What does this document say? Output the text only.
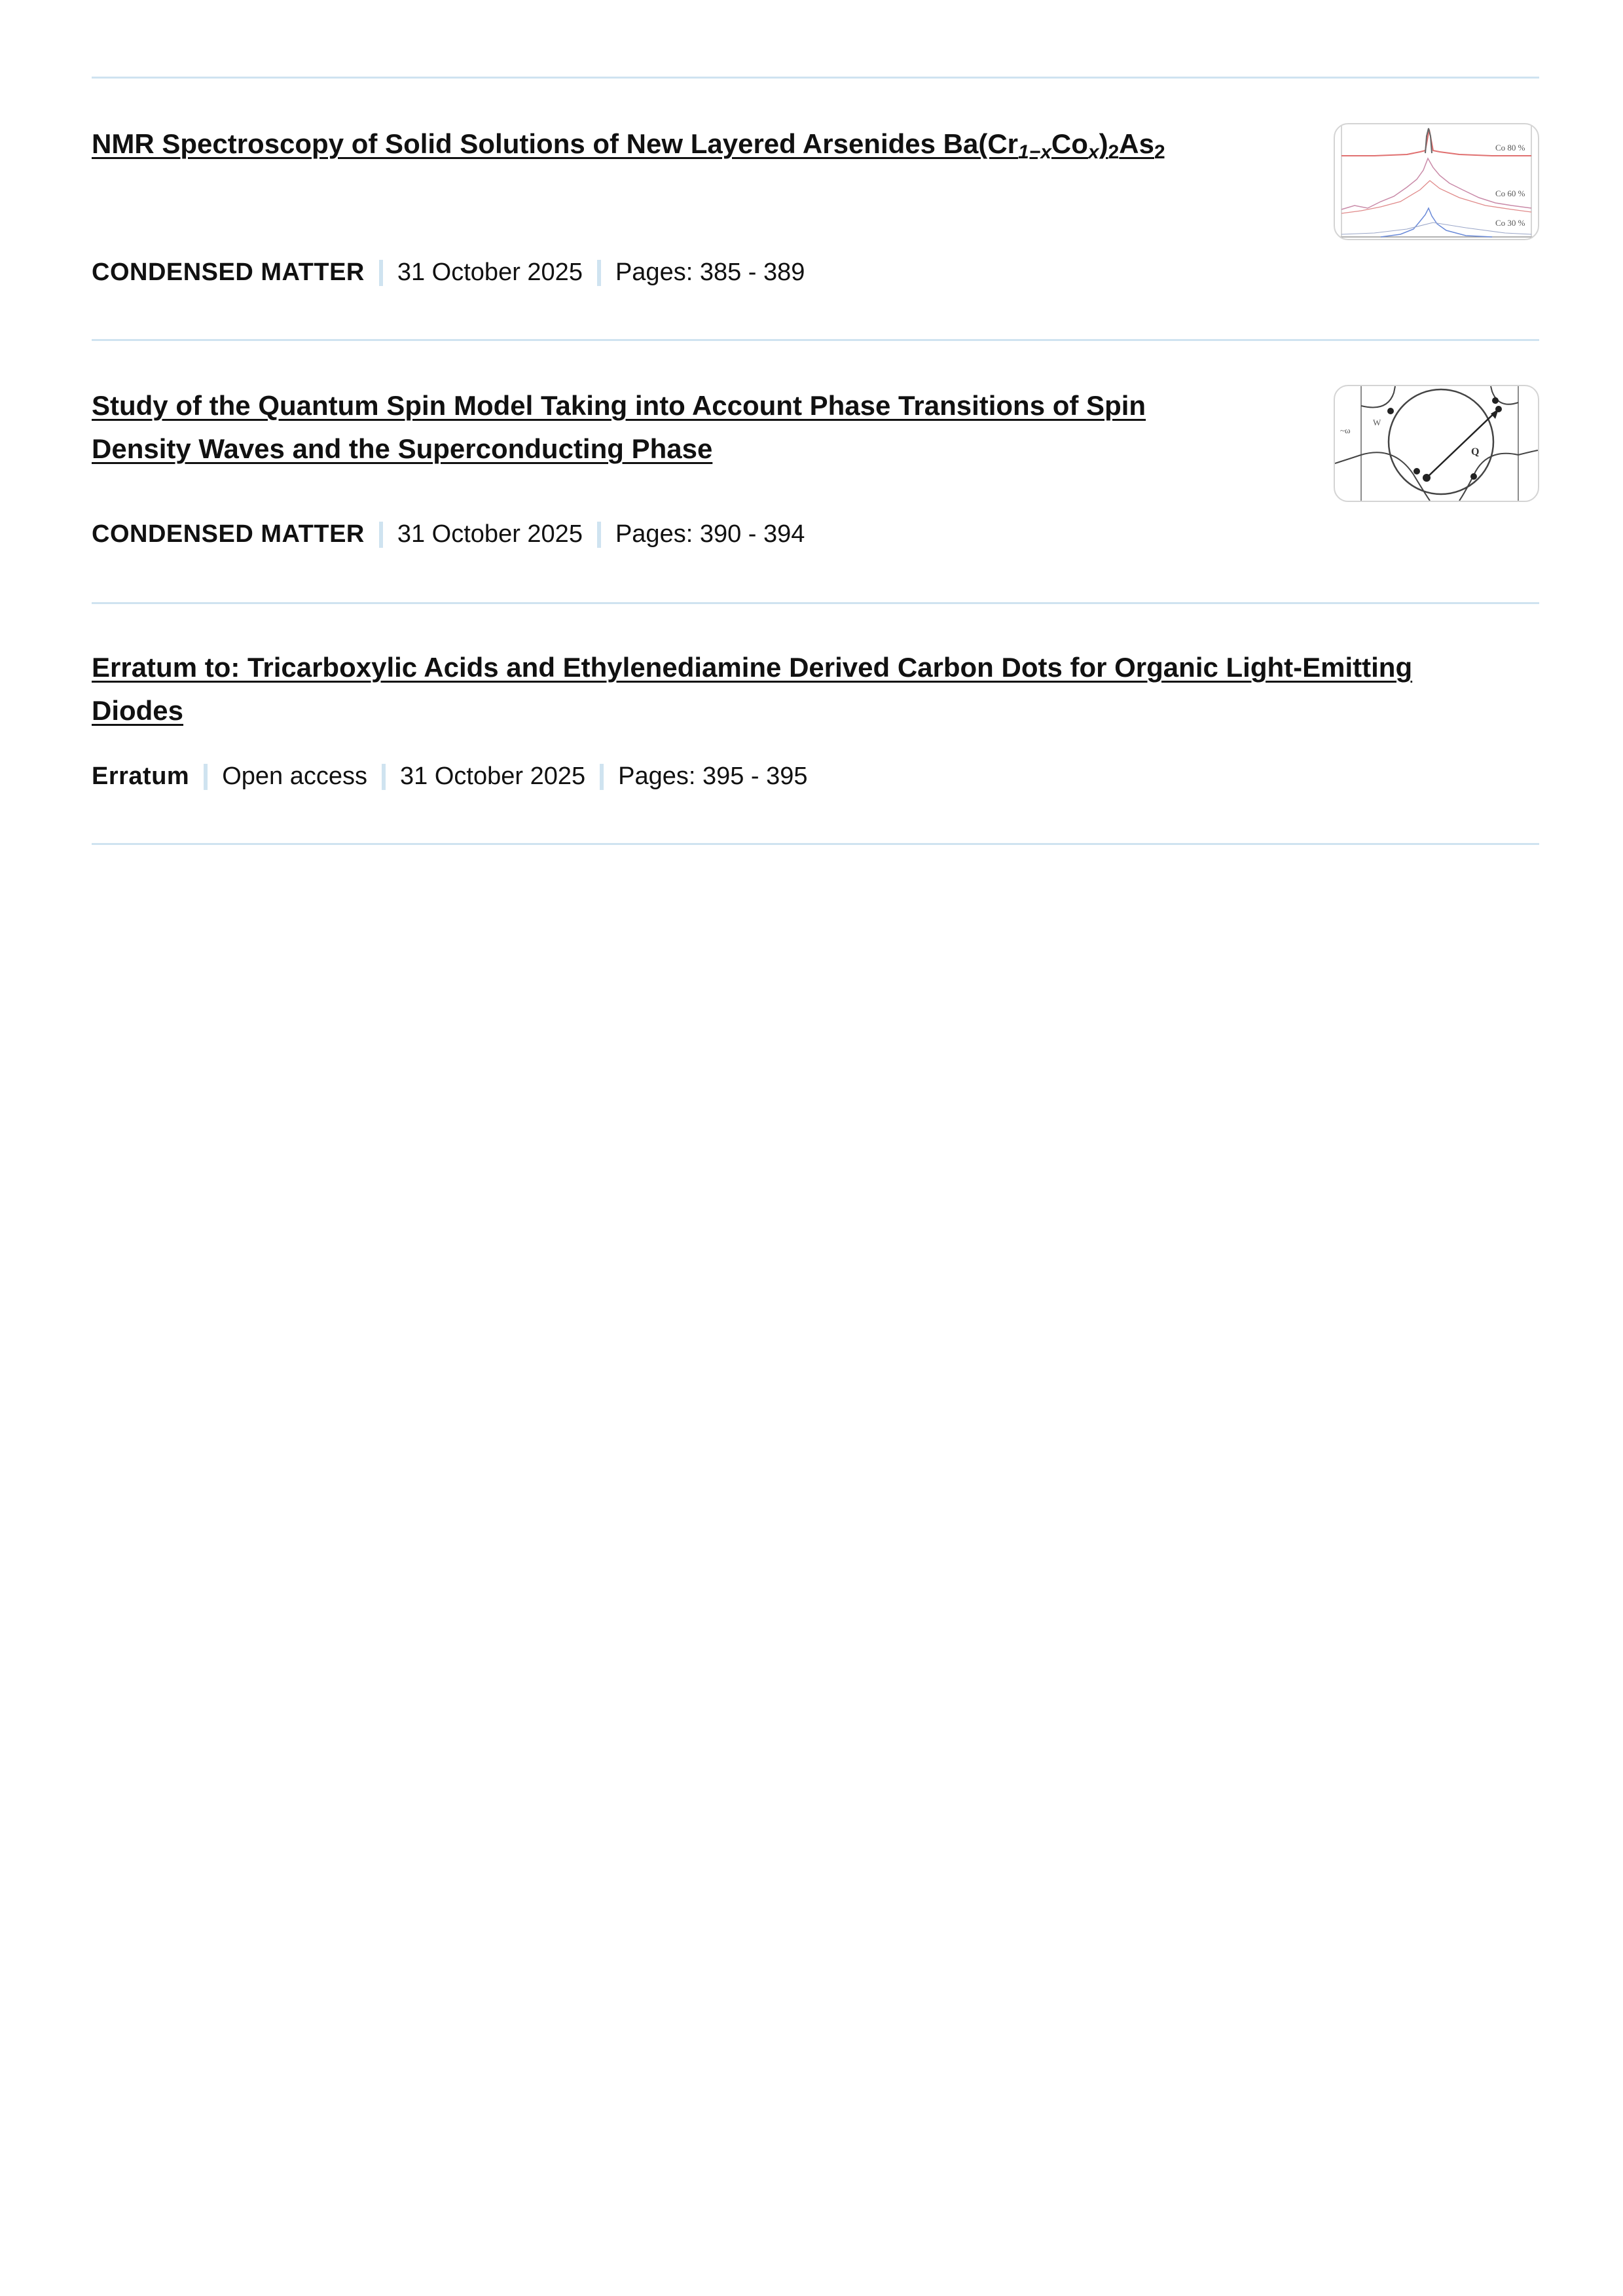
NMR Spectroscopy of Solid Solutions of New Layered Arsenides $Ba(Cr_{1-x}Co_x)_2As_2$	Co 80 %
Co 60 %
Co 30 %
CONDENSED MATTER 31 October 2025 Pages: 385 - 389
Study of the Quantum Spin Model Taking into Account Phase Transitions of Spin
Density Waves and the Superconducting Phase
~ω
W
Q
CONDENSED MATTER 31 October 2025 Pages: 390 - 394
Erratum to: Tricarboxylic Acids and Ethylenediamine Derived Carbon Dots for Organic Light-Emitting
Diodes
Erratum Open access 31 October 2025 Pages: 395 - 395
